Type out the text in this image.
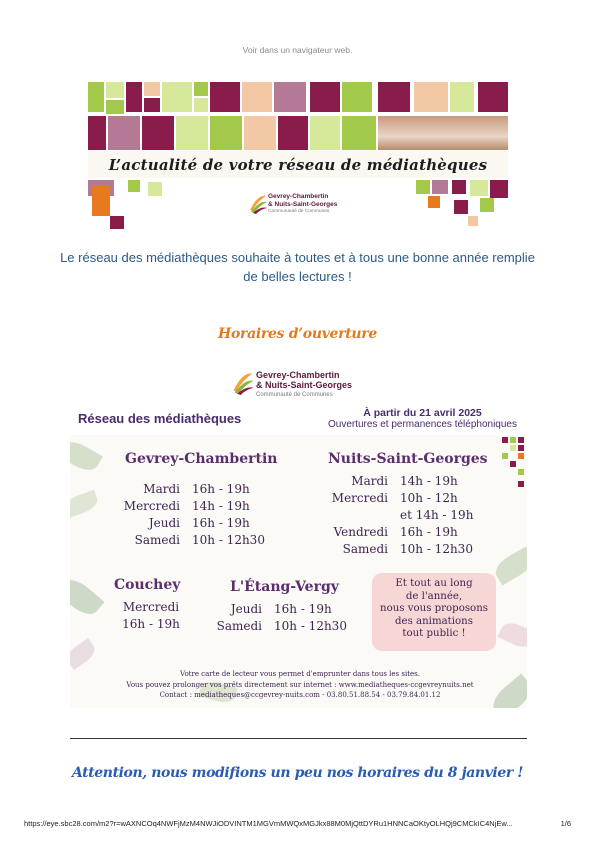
Voir dans un navigateur web.
L’actualité de votre réseau de médiathèques
Gevrey-Chambertin
& Nuits-Saint-Georges
Communauté de Communes
Le réseau des médiathèques souhaite à toutes et à tous une bonne année remplie de belles lectures !
Horaires d’ouverture
Gevrey-Chambertin
& Nuits-Saint-Georges
Communauté de Communes
Réseau des médiathèques	À partir du 21 avril 2025
Ouvertures et permanences téléphoniques
Gevrey-Chambertin
Mardi	16h - 19h
Mercredi	14h - 19h
Jeudi	16h - 19h
Samedi	10h - 12h30
Nuits-Saint-Georges
Mardi	14h - 19h
Mercredi	10h - 12h
et 14h - 19h
Vendredi	16h - 19h
Samedi	10h - 12h30
Couchey
Mercredi
16h - 19h
L'Étang-Vergy
Jeudi	16h - 19h
Samedi	10h - 12h30
Et tout au long
de l'année,
nous vous proposons
des animations
tout public !
Votre carte de lecteur vous permet d'emprunter dans tous les sites.
Vous pouvez prolonger vos prêts directement sur internet : www.mediatheques-ccgevreynuits.net
Contact : mediatheques@ccgevrey-nuits.com - 03.80.51.88.54 - 03.79.84.01.12
Attention, nous modifions un peu nos horaires du 8 janvier !
https://eye.sbc28.com/m2?r=wAXNCOq4NWFjMzM4NWJiODVINTM1MGVmMWQxMGJkx88M0MjQttDYRu1HNNCaOKtyOLHQj9CMCkIC4NjEw...	1/6
